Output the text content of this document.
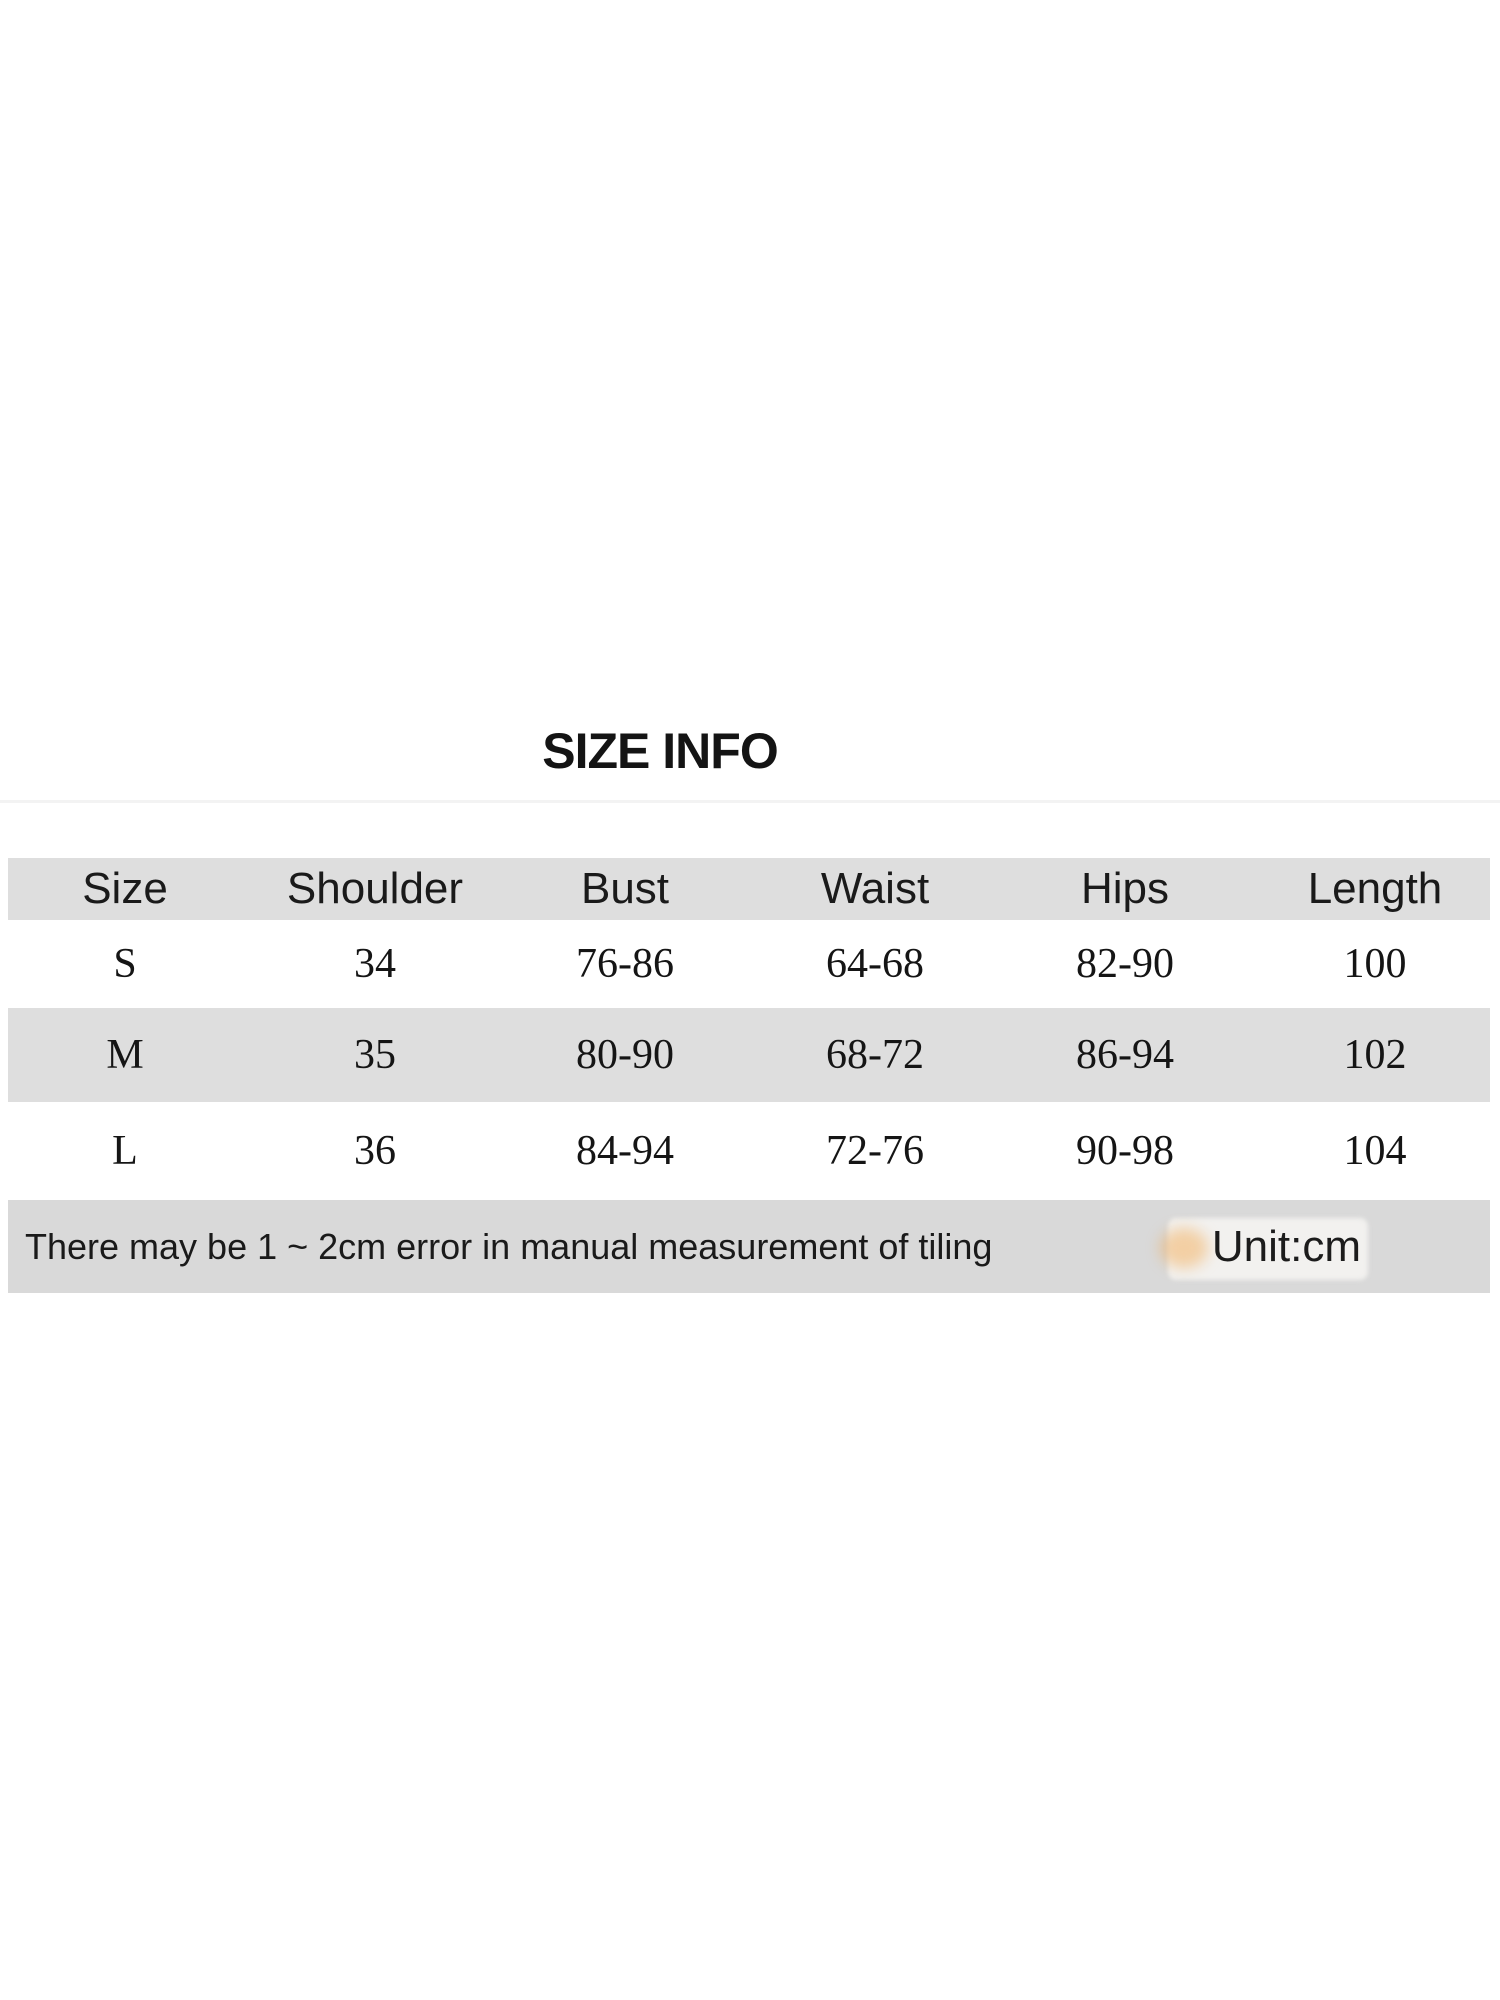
SIZE INFO
Size	Shoulder	Bust	Waist	Hips	Length
S	34	76-86	64-68	82-90	100
M	35	80-90	68-72	86-94	102
L	36	84-94	72-76	90-98	104
There may be 1 ~ 2cm error in manual measurement of tiling	Unit:cm
